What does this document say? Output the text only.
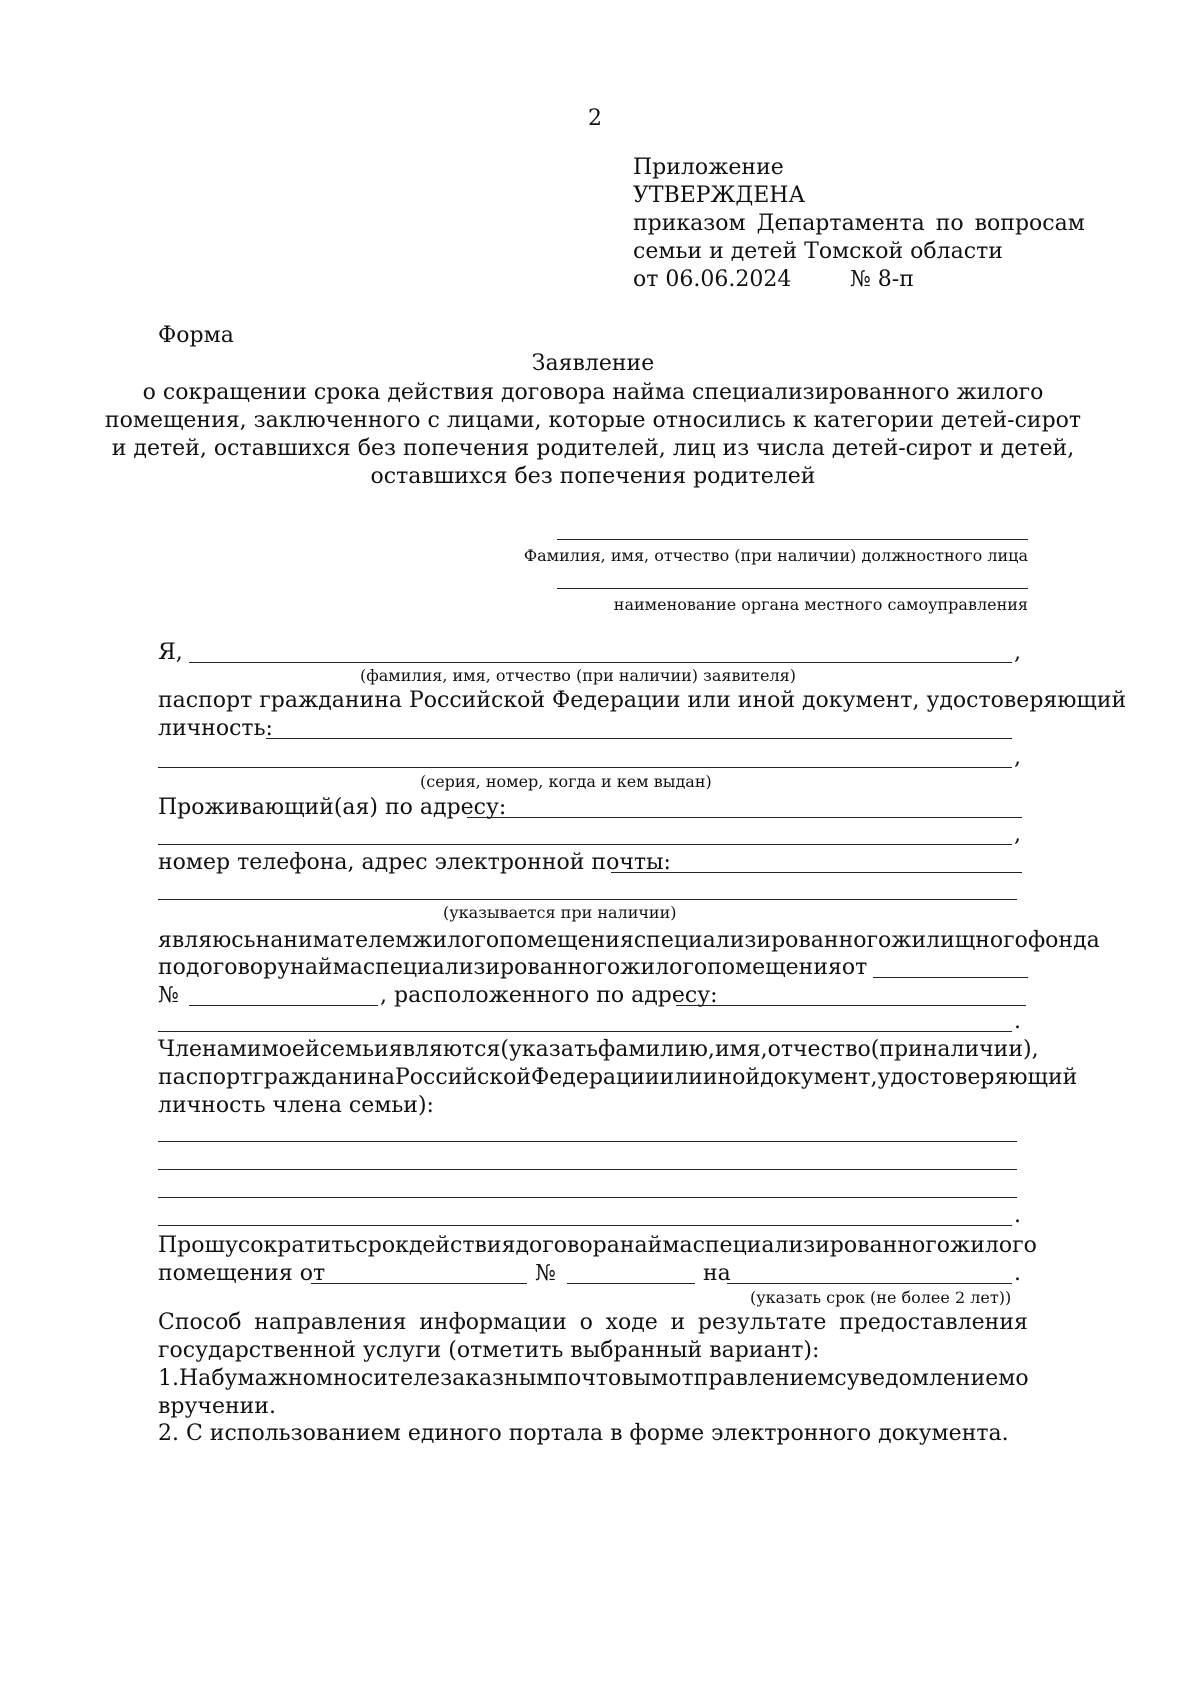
2
Приложение
УТВЕРЖДЕНА
приказом Департамента по вопросам
семьи и детей Томской области
от 06.06.2024	№ 8-п
Форма
Заявление
о сокращении срока действия договора найма специализированного жилого
помещения, заключенного с лицами, которые относились к категории детей-сирот
и детей, оставшихся без попечения родителей, лиц из числа детей-сирот и детей,
оставшихся без попечения родителей
Фамилия, имя, отчество (при наличии) должностного лица
наименование органа местного самоуправления
Я,	,
(фамилия, имя, отчество (при наличии) заявителя)
паспорт гражданина Российской Федерации или иной документ, удостоверяющий
личность:
,
(серия, номер, когда и кем выдан)
Проживающий(ая) по адресу:
,
номер телефона, адрес электронной почты:
(указывается при наличии)
являюсь нанимателем жилого помещения специализированного жилищного фонда
по договору найма специализированного жилого помещения от
№	, расположенного по адресу:
.
Членами моей семьи являются (указать фамилию, имя, отчество (при наличии),
паспорт гражданина Российской Федерации или иной документ, удостоверяющий
личность члена семьи):
.
Прошу сократить срок действия договора найма специализированного жилого
помещения от	№	на	.
(указать срок (не более 2 лет))
Способ направления информации о ходе и результате предоставления
государственной услуги (отметить выбранный вариант):
1. На бумажном носителе заказным почтовым отправлением с уведомлением о
вручении.
2. С использованием единого портала в форме электронного документа.
